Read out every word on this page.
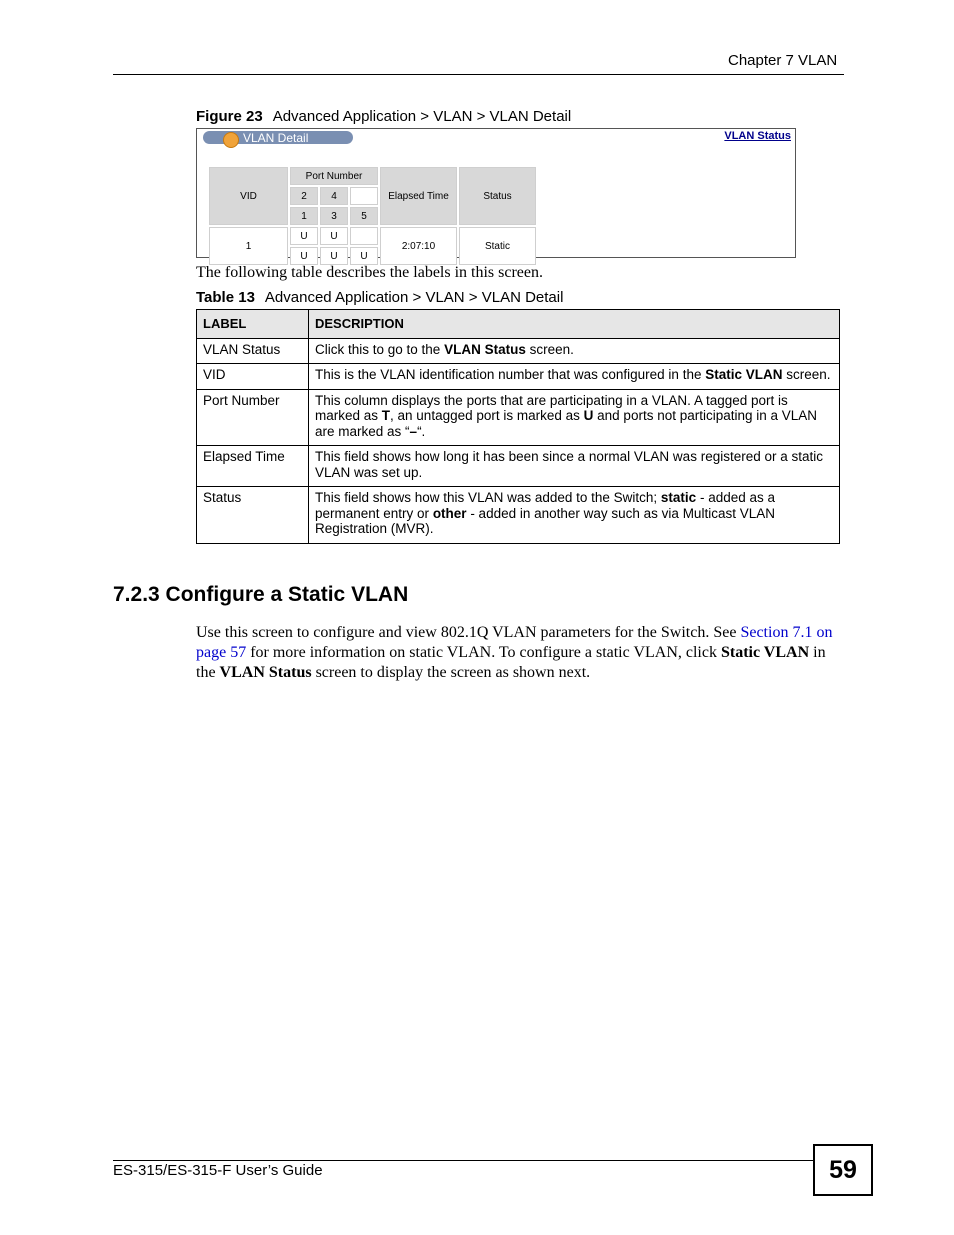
Chapter 7 VLAN
Figure 23 Advanced Application > VLAN > VLAN Detail
VLAN Detail	VLAN Status
VID	Port Number			Elapsed Time	Status
	2	4			
	1	3	5		
1	U	U		2:07:10	Static
	U	U	U		
The following table describes the labels in this screen.
Table 13 Advanced Application > VLAN > VLAN Detail
LABEL	DESCRIPTION
VLAN Status	Click this to go to the VLAN Status screen.
VID	This is the VLAN identification number that was configured in the Static VLAN screen.
Port Number	This column displays the ports that are participating in a VLAN. A tagged port is marked as T, an untagged port is marked as U and ports not participating in a VLAN are marked as “–“.
Elapsed Time	This field shows how long it has been since a normal VLAN was registered or a static VLAN was set up.
Status	This field shows how this VLAN was added to the Switch; static - added as a permanent entry or other - added in another way such as via Multicast VLAN Registration (MVR).
7.2.3 Configure a Static VLAN
Use this screen to configure and view 802.1Q VLAN parameters for the Switch. See Section 7.1 on page 57 for more information on static VLAN. To configure a static VLAN, click Static VLAN in the VLAN Status screen to display the screen as shown next.
ES-315/ES-315-F User’s Guide	59
